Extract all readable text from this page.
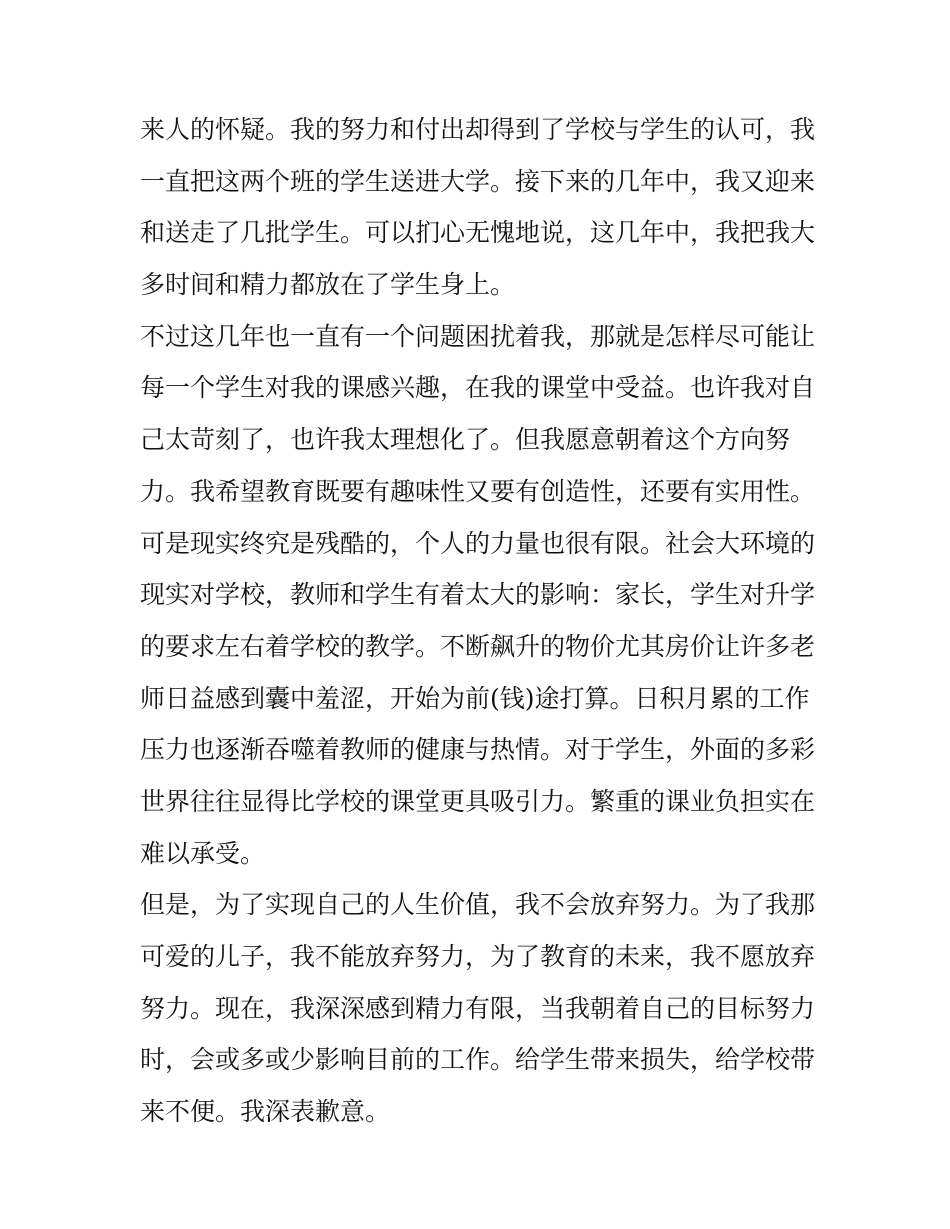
来人的怀疑。我的努力和付出却得到了学校与学生的认可，我
一直把这两个班的学生送进大学。接下来的几年中，我又迎来
和送走了几批学生。可以扪心无愧地说，这几年中，我把我大
多时间和精力都放在了学生身上。
不过这几年也一直有一个问题困扰着我，那就是怎样尽可能让
每一个学生对我的课感兴趣，在我的课堂中受益。也许我对自
己太苛刻了，也许我太理想化了。但我愿意朝着这个方向努
力。我希望教育既要有趣味性又要有创造性，还要有实用性。
可是现实终究是残酷的，个人的力量也很有限。社会大环境的
现实对学校，教师和学生有着太大的影响：家长，学生对升学
的要求左右着学校的教学。不断飙升的物价尤其房价让许多老
师日益感到囊中羞涩，开始为前(钱)途打算。日积月累的工作
压力也逐渐吞噬着教师的健康与热情。对于学生，外面的多彩
世界往往显得比学校的课堂更具吸引力。繁重的课业负担实在
难以承受。
但是，为了实现自己的人生价值，我不会放弃努力。为了我那
可爱的儿子，我不能放弃努力，为了教育的未来，我不愿放弃
努力。现在，我深深感到精力有限，当我朝着自己的目标努力
时，会或多或少影响目前的工作。给学生带来损失，给学校带
来不便。我深表歉意。
